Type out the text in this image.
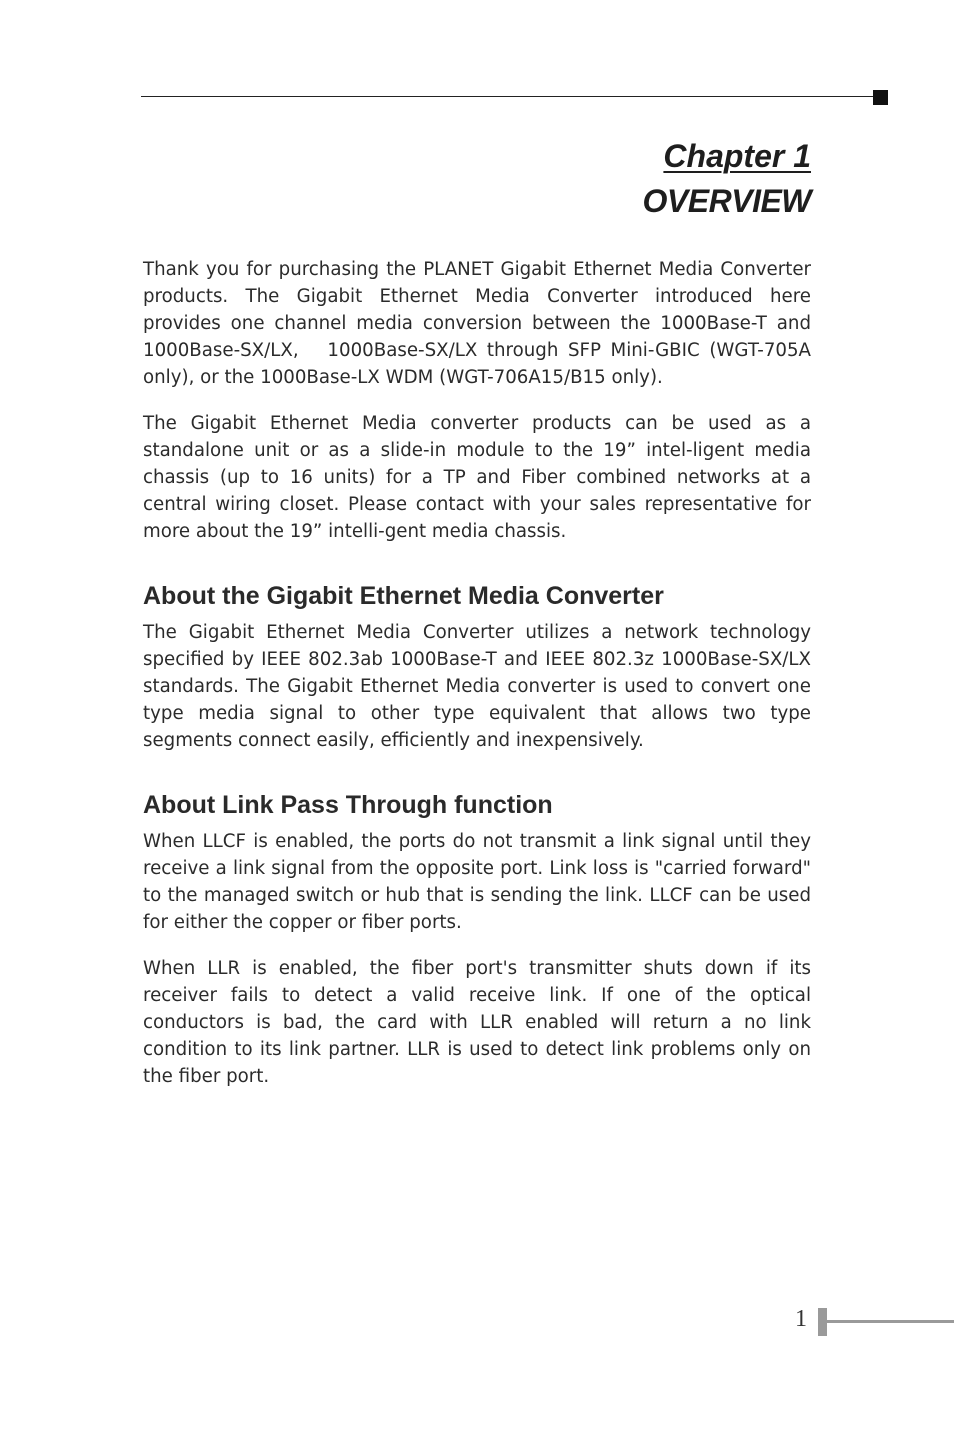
Chapter 1
OVERVIEW

Thank you for purchasing the PLANET Gigabit Ethernet Media Converter products. The Gigabit Ethernet Media Converter introduced here provides one channel media conversion between the 1000Base-T and 1000Base-SX/LX,   1000Base-SX/LX through SFP Mini-GBIC (WGT-705A only), or the 1000Base-LX WDM (WGT-706A15/B15 only).

The Gigabit Ethernet Media converter products can be used as a standalone unit or as a slide-in module to the 19” intel-ligent media chassis (up to 16 units) for a TP and Fiber combined networks at a central wiring closet. Please contact with your sales representative for more about the 19” intelli-gent media chassis.

About the Gigabit Ethernet Media Converter

The Gigabit Ethernet Media Converter utilizes a network technology specified by IEEE 802.3ab 1000Base-T and IEEE 802.3z 1000Base-SX/LX standards. The Gigabit Ethernet Media converter is used to convert one type media signal to other type equivalent that allows two type segments connect easily, efficiently and inexpensively.

About Link Pass Through function

When LLCF is enabled, the ports do not transmit a link signal until they receive a link signal from the opposite port. Link loss is "carried forward" to the managed switch or hub that is sending the link. LLCF can be used for either the copper or fiber ports.

When LLR is enabled, the fiber port's transmitter shuts down if its receiver fails to detect a valid receive link. If one of the optical conductors is bad, the card with LLR enabled will return a no link condition to its link partner. LLR is used to detect link problems only on the fiber port.

1
